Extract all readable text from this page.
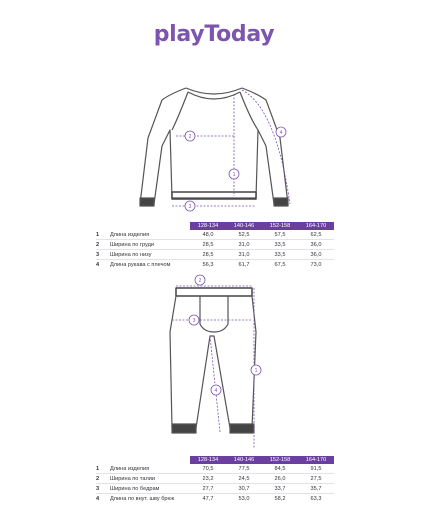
playToday
1
2
3
4
		128-134	140-146	152-158	164-170
1	Длина изделия	48,0	52,5	57,5	62,5
2	Ширина по груди	28,5	31,0	33,5	36,0
3	Ширина по низу	28,5	31,0	33,5	36,0
4	Длина рукава с плечом	56,3	61,7	67,5	73,0
1
2
3
4
		128-134	140-146	152-158	164-170
1	Длина изделия	70,5	77,5	84,5	91,5
2	Ширина по талии	23,2	24,5	26,0	27,5
3	Ширина по бедрам	27,7	30,7	33,7	35,7
4	Длина по внут. шву брюк	47,7	53,0	58,2	63,3
